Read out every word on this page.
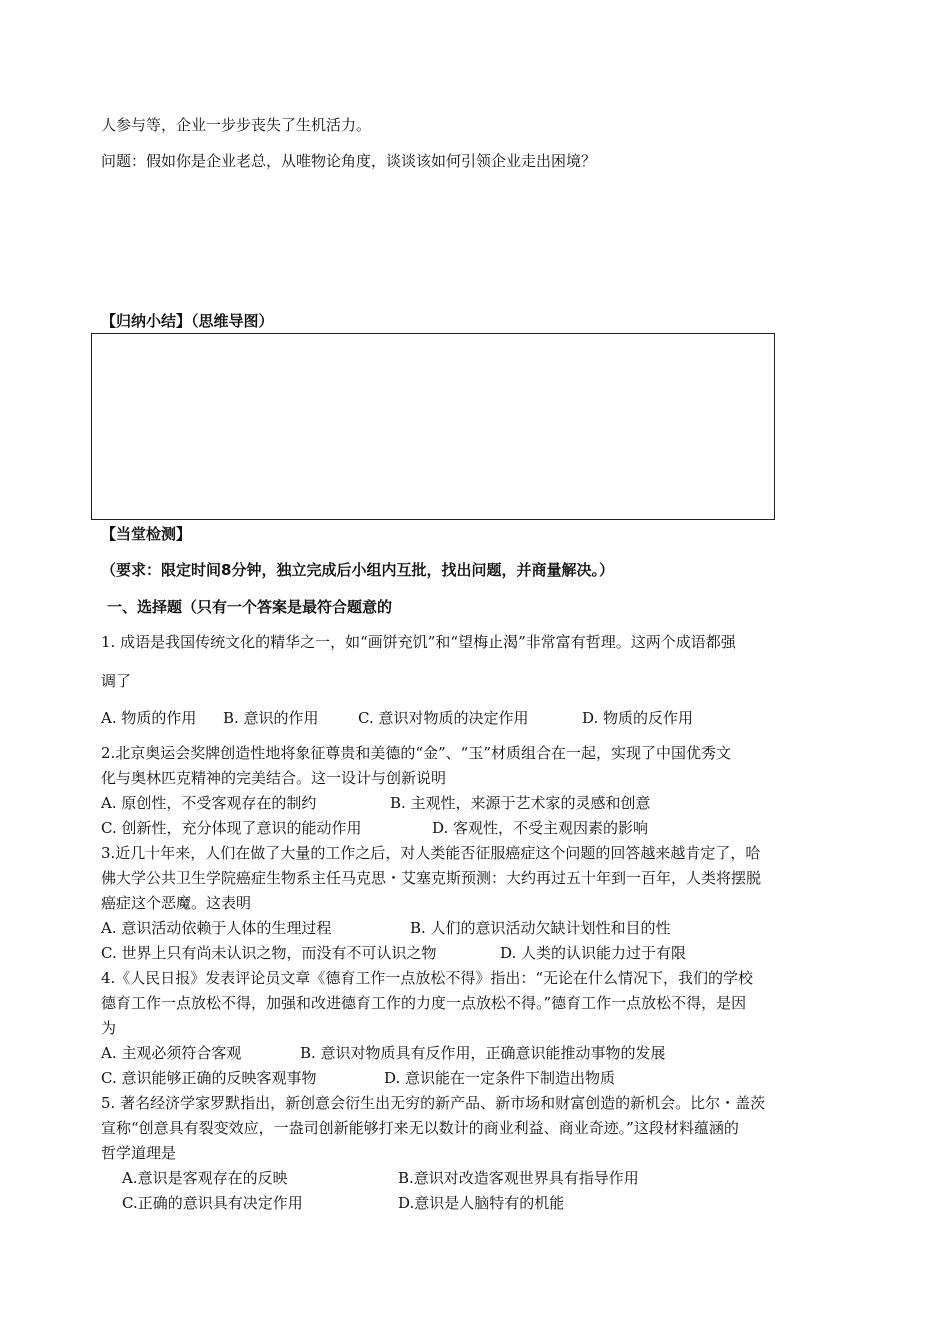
人参与等，企业一步步丧失了生机活力。
问题：假如你是企业老总，从唯物论角度，谈谈该如何引领企业走出困境？
【归纳小结】（思维导图）
【当堂检测】
（要求：限定时间8分钟，独立完成后小组内互批，找出问题，并商量解决。）
一、选择题（只有一个答案是最符合题意的
1. 成语是我国传统文化的精华之一，如“画饼充饥”和“望梅止渴”非常富有哲理。这两个成语都强
调了
A. 物质的作用 B. 意识的作用	C. 意识对物质的决定作用	D. 物质的反作用
2.北京奥运会奖牌创造性地将象征尊贵和美德的“金”、“玉”材质组合在一起，实现了中国优秀文
化与奥林匹克精神的完美结合。这一设计与创新说明
A. 原创性，不受客观存在的制约	B. 主观性，来源于艺术家的灵感和创意
C. 创新性，充分体现了意识的能动作用	D. 客观性，不受主观因素的影响
3.近几十年来，人们在做了大量的工作之后，对人类能否征服癌症这个问题的回答越来越肯定了，哈
佛大学公共卫生学院癌症生物系主任马克思・艾塞克斯预测：大约再过五十年到一百年，人类将摆脱
癌症这个恶魔。这表明
A. 意识活动依赖于人体的生理过程	B. 人们的意识活动欠缺计划性和目的性
C. 世界上只有尚未认识之物，而没有不可认识之物	D. 人类的认识能力过于有限
4.《人民日报》发表评论员文章《德育工作一点放松不得》指出：“无论在什么情况下，我们的学校
德育工作一点放松不得，加强和改进德育工作的力度一点放松不得。”德育工作一点放松不得，是因
为
A. 主观必须符合客观	B. 意识对物质具有反作用，正确意识能推动事物的发展
C. 意识能够正确的反映客观事物	D. 意识能在一定条件下制造出物质
5. 著名经济学家罗默指出，新创意会衍生出无穷的新产品、新市场和财富创造的新机会。比尔・盖茨
宣称“创意具有裂变效应，一盎司创新能够打来无以数计的商业利益、商业奇迹。”这段材料蕴涵的
哲学道理是
A.意识是客观存在的反映	B.意识对改造客观世界具有指导作用
C.正确的意识具有决定作用	D.意识是人脑特有的机能
